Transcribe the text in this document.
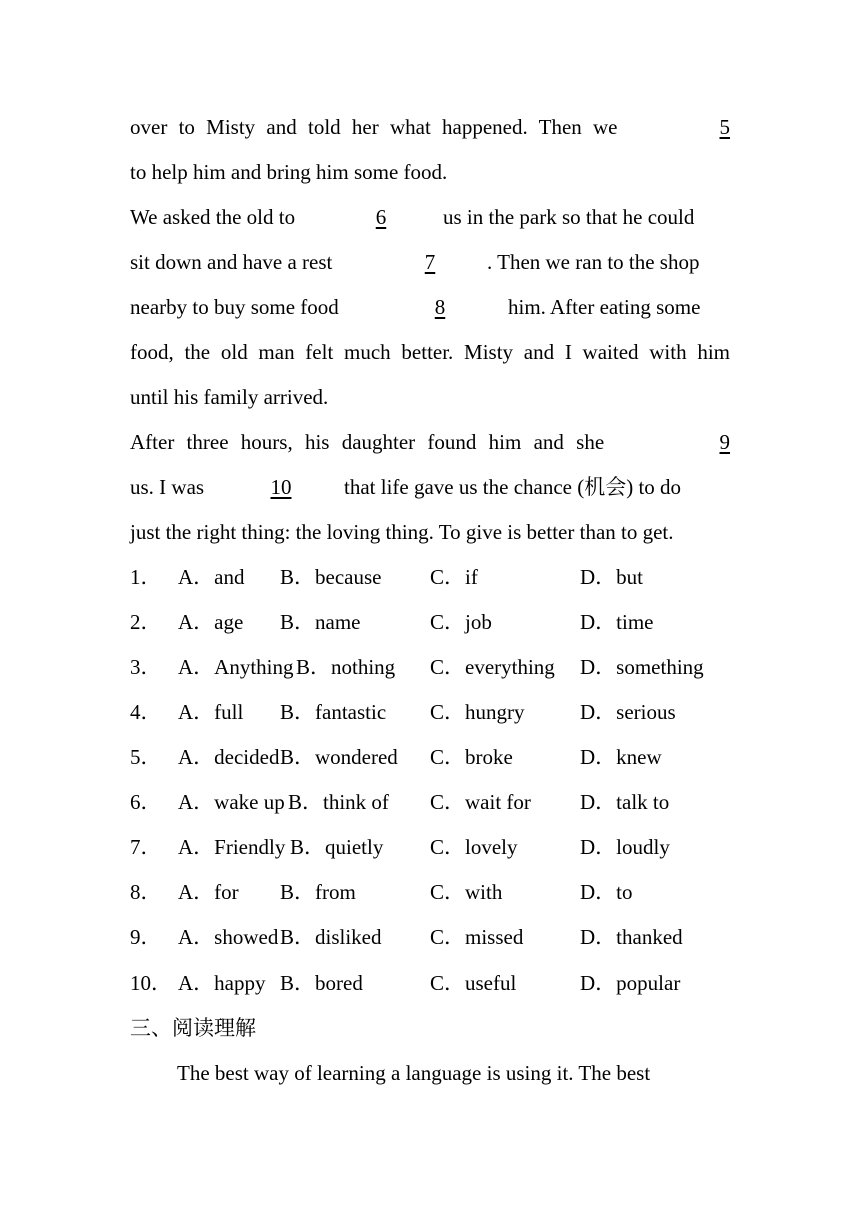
over to Misty and told her what happened. Then we	5
to help him and bring him some food.
We asked the old to	6	us in the park so that he could
sit down and have a rest	7	. Then we ran to the shop
nearby to buy some food	8	him. After eating some
food, the old man felt much better. Misty and I waited with him
until his family arrived.
After three hours, his daughter found him and she	9
us. I was	10	that life gave us the chance (机会) to do
just the right thing: the loving thing. To give is better than to get.
1． A．and B．because C．if	D．but
2． A．age B．name	C．job	D．time
3． A．Anything B．nothing C．everything D．something
4． A．full B．fantastic C．hungry	D．serious
5． A．decided B．wondered C．broke	D．knew
6． A．wake up B．think of C．wait for D．talk to
7． A．Friendly B．quietly C．lovely	D．loudly
8． A．for B．from	C．with	D．to
9． A．showed B．disliked C．missed	D．thanked
10． A．happy B．bored	C．useful	D．popular
三、阅读理解
The best way of learning a language is using it. The best
